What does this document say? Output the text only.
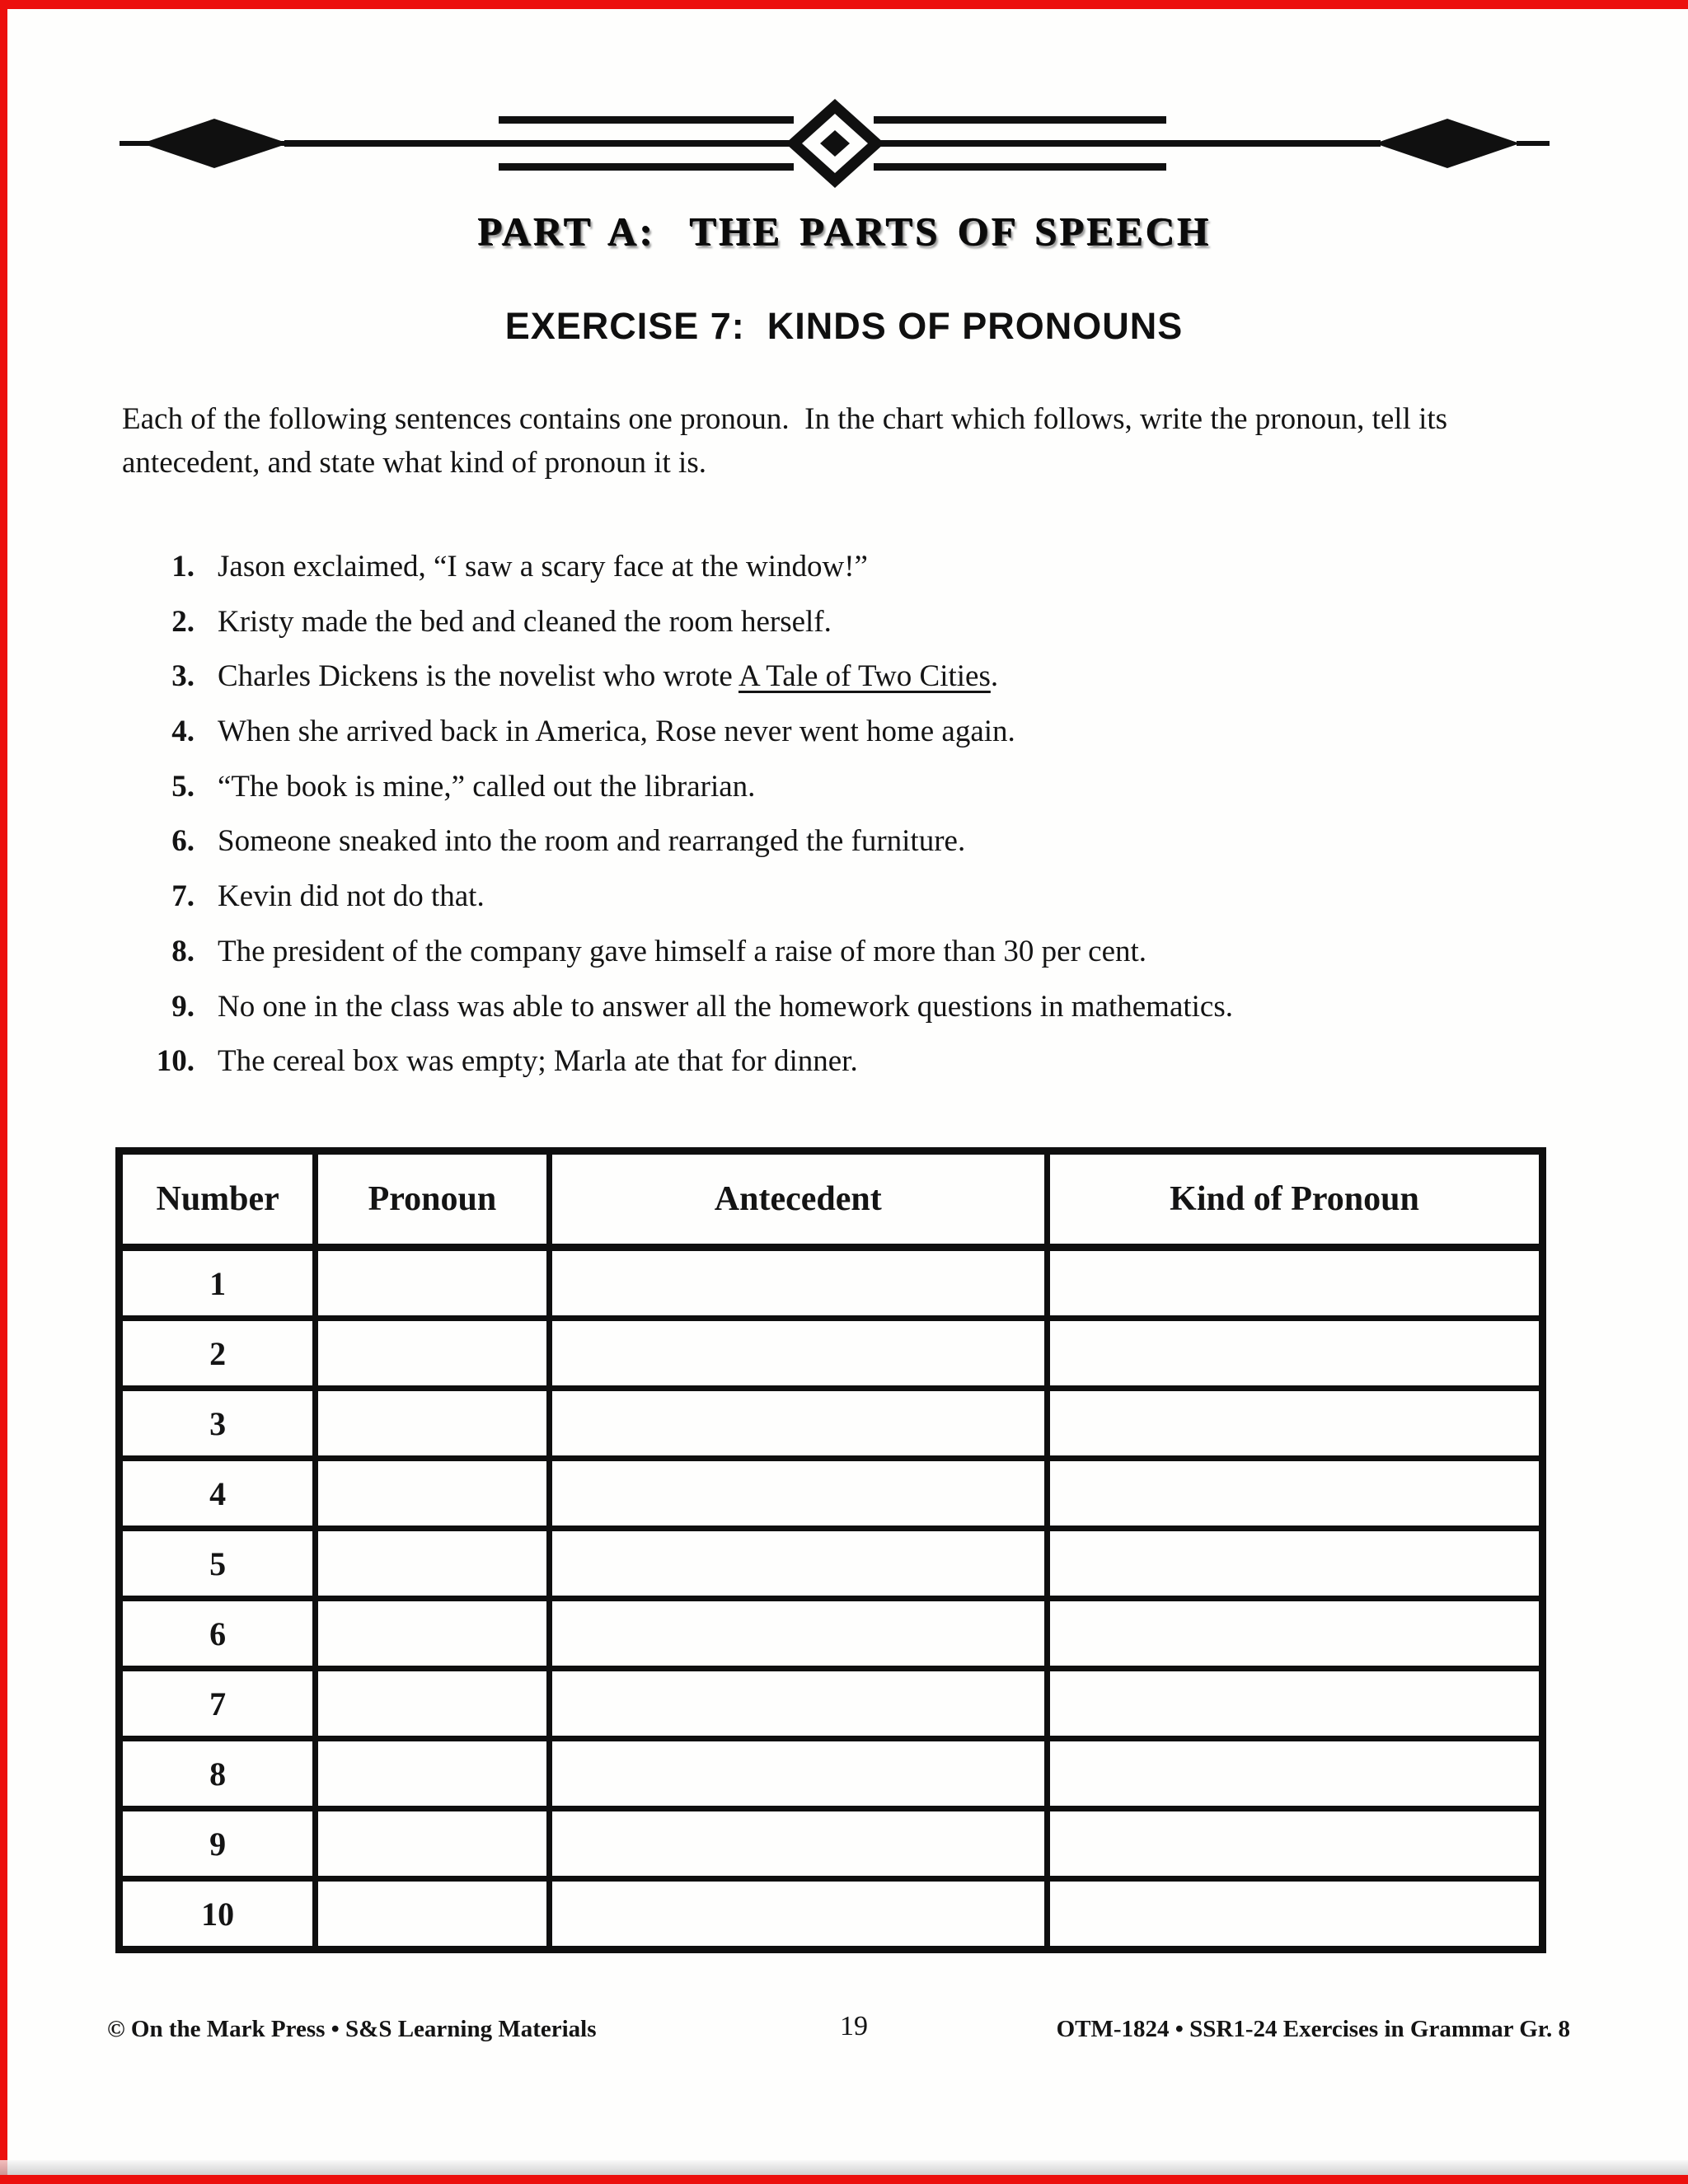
PART A:  THE PARTS OF SPEECH
EXERCISE 7:  KINDS OF PRONOUNS
Each of the following sentences contains one pronoun.  In the chart which follows, write the pronoun, tell its antecedent, and state what kind of pronoun it is.
1. Jason exclaimed, “I saw a scary face at the window!”
2. Kristy made the bed and cleaned the room herself.
3. Charles Dickens is the novelist who wrote A Tale of Two Cities.
4. When she arrived back in America, Rose never went home again.
5. “The book is mine,” called out the librarian.
6. Someone sneaked into the room and rearranged the furniture.
7. Kevin did not do that.
8. The president of the company gave himself a raise of more than 30 per cent.
9. No one in the class was able to answer all the homework questions in mathematics.
10. The cereal box was empty; Marla ate that for dinner.
Number	Pronoun	Antecedent	Kind of Pronoun
1			
2			
3			
4			
5			
6			
7			
8			
9			
10			
© On the Mark Press • S&S Learning Materials	19	OTM-1824 • SSR1-24 Exercises in Grammar Gr. 8
